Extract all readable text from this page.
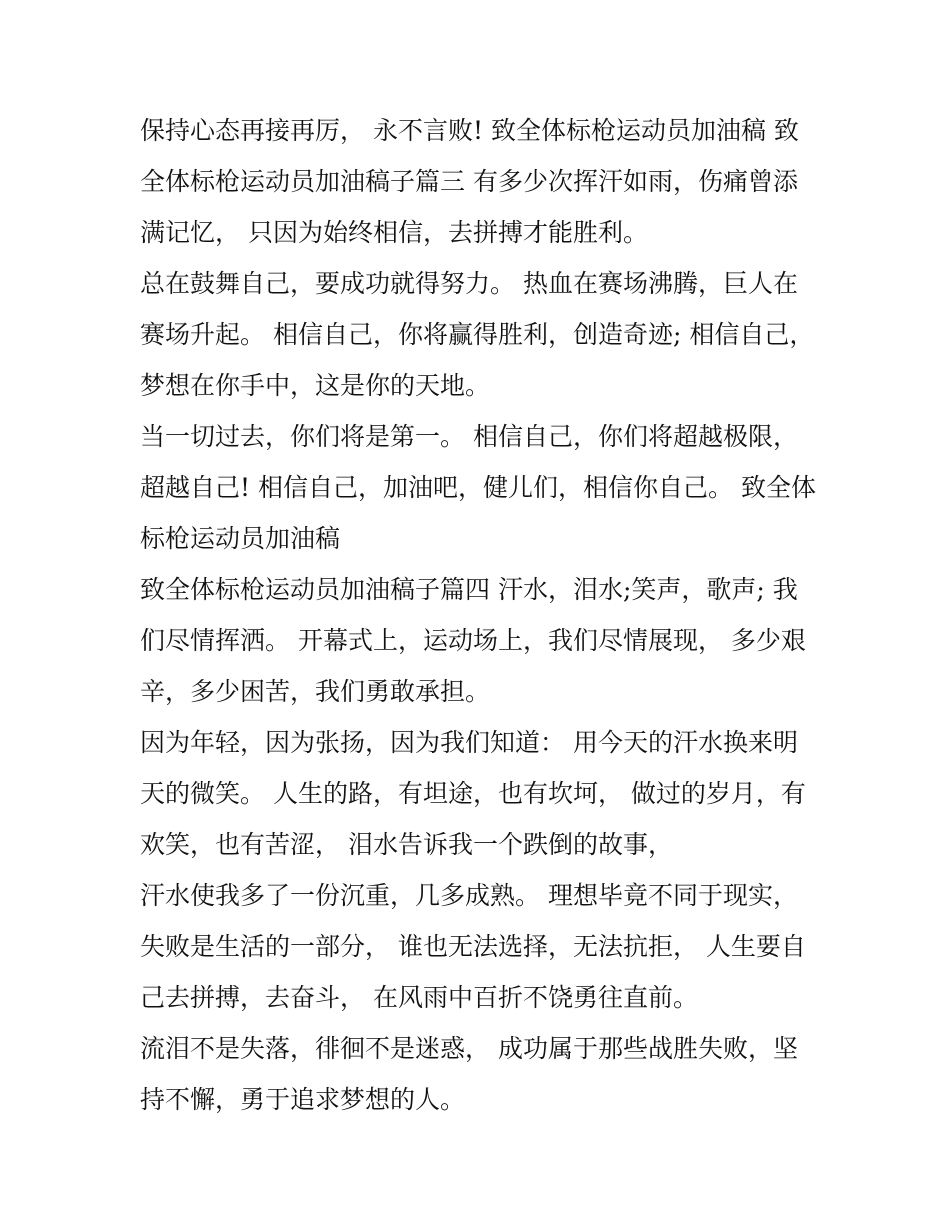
保持心态再接再厉， 永不言败! 致全体标枪运动员加油稿 致
全体标枪运动员加油稿子篇三 有多少次挥汗如雨，伤痛曾添
满记忆， 只因为始终相信，去拼搏才能胜利。
总在鼓舞自己，要成功就得努力。 热血在赛场沸腾，巨人在
赛场升起。 相信自己，你将赢得胜利，创造奇迹; 相信自己，
梦想在你手中，这是你的天地。
当一切过去，你们将是第一。 相信自己，你们将超越极限，
超越自己! 相信自己，加油吧，健儿们，相信你自己。 致全体
标枪运动员加油稿
致全体标枪运动员加油稿子篇四 汗水，泪水;笑声，歌声; 我
们尽情挥洒。 开幕式上，运动场上，我们尽情展现， 多少艰
辛，多少困苦，我们勇敢承担。
因为年轻，因为张扬，因为我们知道： 用今天的汗水换来明
天的微笑。 人生的路，有坦途，也有坎坷， 做过的岁月，有
欢笑，也有苦涩， 泪水告诉我一个跌倒的故事，
汗水使我多了一份沉重，几多成熟。 理想毕竟不同于现实，
失败是生活的一部分， 谁也无法选择，无法抗拒， 人生要自
己去拼搏，去奋斗， 在风雨中百折不饶勇往直前。
流泪不是失落，徘徊不是迷惑， 成功属于那些战胜失败，坚
持不懈，勇于追求梦想的人。
